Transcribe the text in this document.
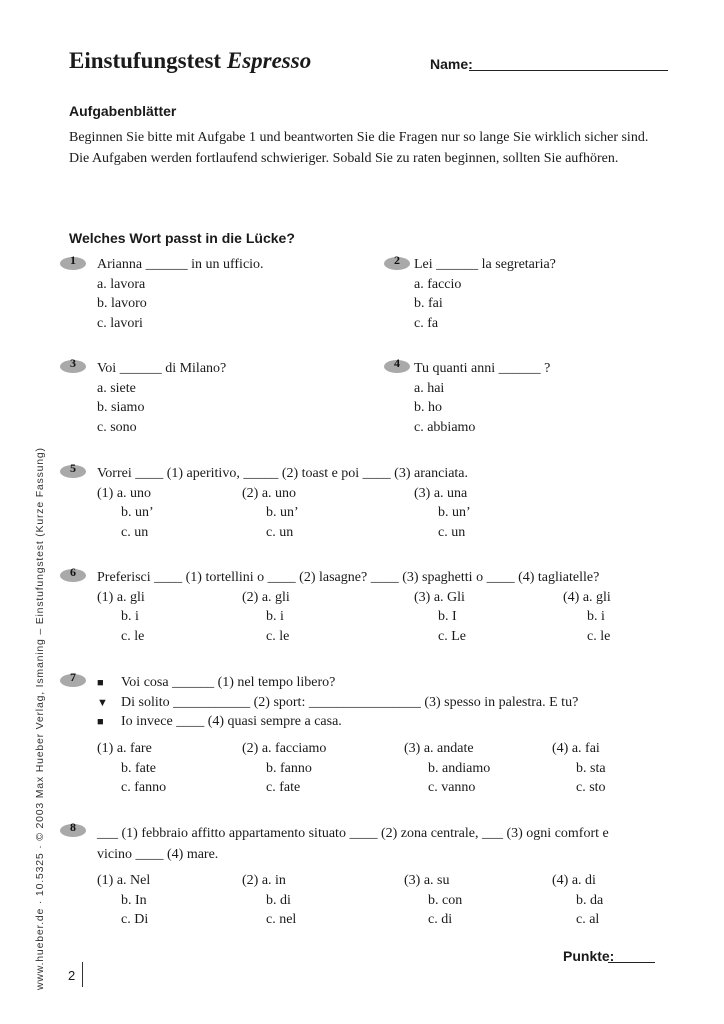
Einstufungstest Espresso	Name:
Aufgabenblätter
Beginnen Sie bitte mit Aufgabe 1 und beantworten Sie die Fragen nur so lange Sie wirklich sicher sind. Die Aufgaben werden fortlaufend schwieriger. Sobald Sie zu raten beginnen, sollten Sie aufhören.
Welches Wort passt in die Lücke?
1	Arianna ______ in un ufficio.
a. lavora
b. lavoro
c. lavori
2	Lei ______ la segretaria?
a. faccio
b. fai
c. fa
3	Voi ______ di Milano?
a. siete
b. siamo
c. sono
4	Tu quanti anni ______ ?
a. hai
b. ho
c. abbiamo
5	Vorrei ____ (1) aperitivo, _____ (2) toast e poi ____ (3) aranciata.
(1) a. uno
b. un’
c. un
(2) a. uno
b. un’
c. un
(3) a. una
b. un’
c. un
6	Preferisci ____ (1) tortellini o ____ (2) lasagne? ____ (3) spaghetti o ____ (4) tagliatelle?
(1) a. gli
b. i
c. le
(2) a. gli
b. i
c. le
(3) a. Gli
b. I
c. Le
(4) a. gli
b. i
c. le
7	■ Voi cosa ______ (1) nel tempo libero?
▼ Di solito ___________ (2) sport: ________________ (3) spesso in palestra. E tu?
■ Io invece ____ (4) quasi sempre a casa.
(1) a. fare
b. fate
c. fanno
(2) a. facciamo
b. fanno
c. fate
(3) a. andate
b. andiamo
c. vanno
(4) a. fai
b. sta
c. sto
8	___ (1) febbraio affitto appartamento situato ____ (2) zona centrale, ___ (3) ogni comfort e
vicino ____ (4) mare.
(1) a. Nel
b. In
c. Di
(2) a. in
b. di
c. nel
(3) a. su
b. con
c. di
(4) a. di
b. da
c. al
Punkte:
2
www.hueber.de · 10.5325 · © 2003 Max Hueber Verlag, Ismaning – Einstufungstest (Kurze Fassung)
